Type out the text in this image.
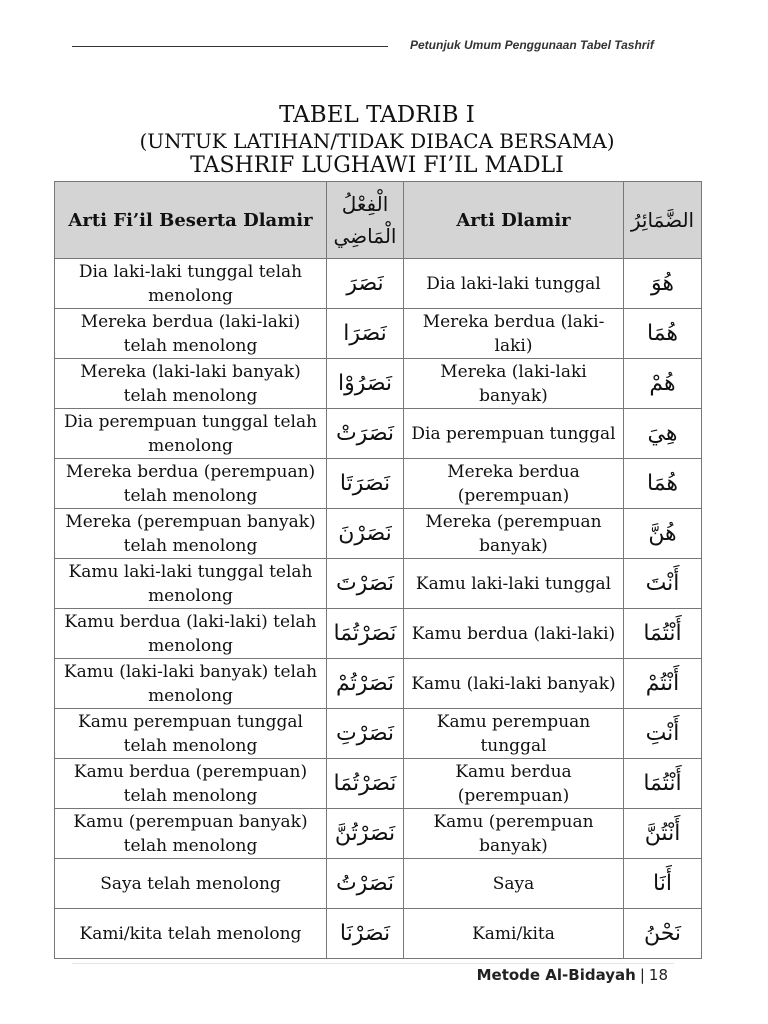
Petunjuk Umum Penggunaan Tabel Tashrif
TABEL TADRIB I
(UNTUK LATIHAN/TIDAK DIBACA BERSAMA)
TASHRIF LUGHAWI FI’IL MADLI
Arti Fi’il Beserta Dlamir	الْفِعْلُ الْمَاضِي	Arti Dlamir	الضَّمَائِرُ
Dia laki-laki tunggal telah menolong	نَصَرَ	Dia laki-laki tunggal	هُوَ
Mereka berdua (laki-laki) telah menolong	نَصَرَا	Mereka berdua (laki-laki)	هُمَا
Mereka (laki-laki banyak) telah menolong	نَصَرُوْا	Mereka (laki-laki banyak)	هُمْ
Dia perempuan tunggal telah menolong	نَصَرَتْ	Dia perempuan tunggal	هِيَ
Mereka berdua (perempuan) telah menolong	نَصَرَتَا	Mereka berdua (perempuan)	هُمَا
Mereka (perempuan banyak) telah menolong	نَصَرْنَ	Mereka (perempuan banyak)	هُنَّ
Kamu laki-laki tunggal telah menolong	نَصَرْتَ	Kamu laki-laki tunggal	أَنْتَ
Kamu berdua (laki-laki) telah menolong	نَصَرْتُمَا	Kamu berdua (laki-laki)	أَنْتُمَا
Kamu (laki-laki banyak) telah menolong	نَصَرْتُمْ	Kamu (laki-laki banyak)	أَنْتُمْ
Kamu perempuan tunggal telah menolong	نَصَرْتِ	Kamu perempuan tunggal	أَنْتِ
Kamu berdua (perempuan) telah menolong	نَصَرْتُمَا	Kamu berdua (perempuan)	أَنْتُمَا
Kamu (perempuan banyak) telah menolong	نَصَرْتُنَّ	Kamu (perempuan banyak)	أَنْتُنَّ
Saya telah menolong	نَصَرْتُ	Saya	أَنَا
Kami/kita telah menolong	نَصَرْنَا	Kami/kita	نَحْنُ
Metode Al-Bidayah | 18
